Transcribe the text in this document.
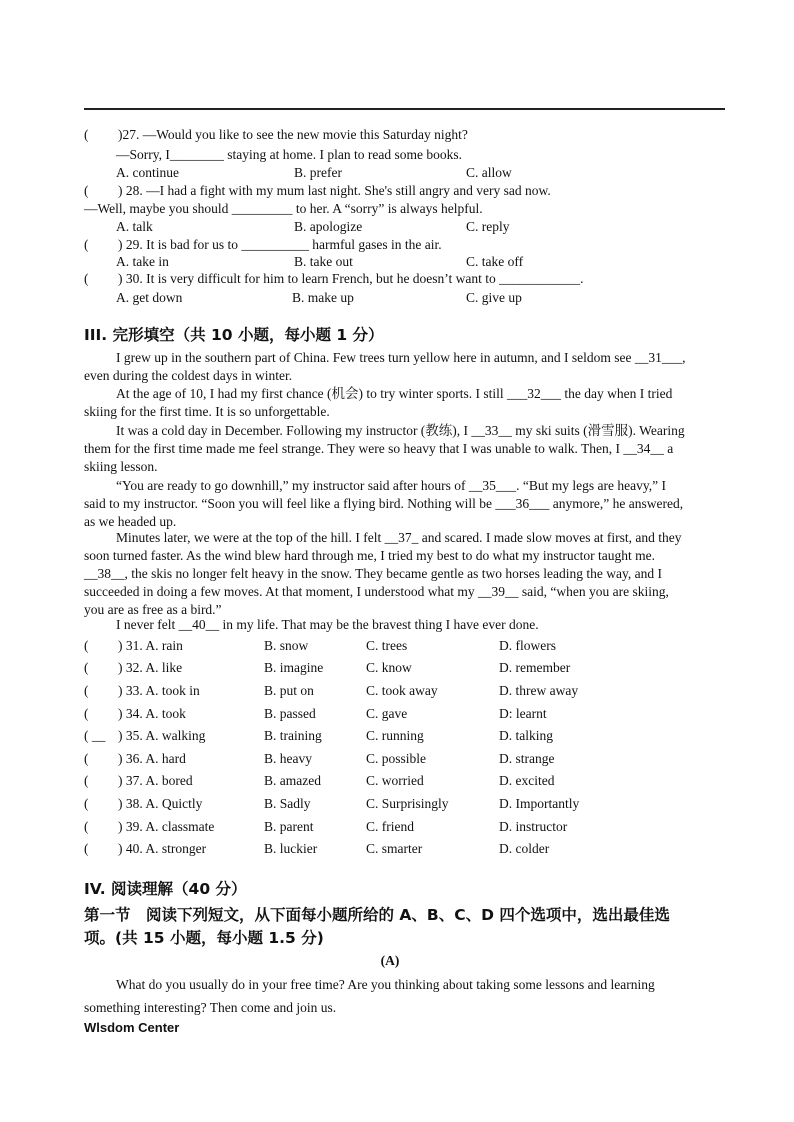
( )27. —Would you like to see the new movie this Saturday night?
—Sorry, I________ staying at home. I plan to read some books.
A. continue	B. prefer	C. allow
( ) 28. —I had a fight with my mum last night. She's still angry and very sad now.
—Well, maybe you should _________ to her. A “sorry” is always helpful.
A. talk	B. apologize	C. reply
( ) 29. It is bad for us to __________ harmful gases in the air.
A. take in	B. take out	C. take off
( ) 30. It is very difficult for him to learn French, but he doesn’t want to ____________.
A. get down	B. make up	C. give up
III. 完形填空（共 10 小题，每小题 1 分）
I grew up in the southern part of China. Few trees turn yellow here in autumn, and I seldom see __31___, even during the coldest days in winter.
At the age of 10, I had my first chance (机会) to try winter sports. I still ___32___ the day when I tried skiing for the first time. It is so unforgettable.
It was a cold day in December. Following my instructor (教练), I __33__ my ski suits (滑雪服). Wearing them for the first time made me feel strange. They were so heavy that I was unable to walk. Then, I __34__ a skiing lesson.
“You are ready to go downhill,” my instructor said after hours of __35___. “But my legs are heavy,” I said to my instructor. “Soon you will feel like a flying bird. Nothing will be ___36___ anymore,” he answered, as we headed up.
Minutes later, we were at the top of the hill. I felt __37_ and scared. I made slow moves at first, and they soon turned faster. As the wind blew hard through me, I tried my best to do what my instructor taught me. __38__, the skis no longer felt heavy in the snow. They became gentle as two horses leading the way, and I succeeded in doing a few moves. At that moment, I understood what my __39__ said, “when you are skiing, you are as free as a bird.”
I never felt __40__ in my life. That may be the bravest thing I have ever done.
( ) 31. A. rain	B. snow	C. trees	D. flowers
( ) 32. A. like	B. imagine	C. know	D. remember
( ) 33. A. took in	B. put on	C. took away	D. threw away
( ) 34. A. took	B. passed	C. gave	D: learnt
( __ ) 35. A. walking	B. training	C. running	D. talking
( ) 36. A. hard	B. heavy	C. possible	D. strange
( ) 37. A. bored	B. amazed	C. worried	D. excited
( ) 38. A. Quictly	B. Sadly	C. Surprisingly	D. Importantly
( ) 39. A. classmate	B. parent	C. friend	D. instructor
( ) 40. A. stronger	B. luckier	C. smarter	D. colder
IV. 阅读理解（40 分）
第一节　阅读下列短文，从下面每小题所给的 A、B、C、D 四个选项中，选出最佳选项。(共 15 小题，每小题 1.5 分)
(A)
What do you usually do in your free time? Are you thinking about taking some lessons and learning something interesting? Then come and join us.
Wlsdom Center
